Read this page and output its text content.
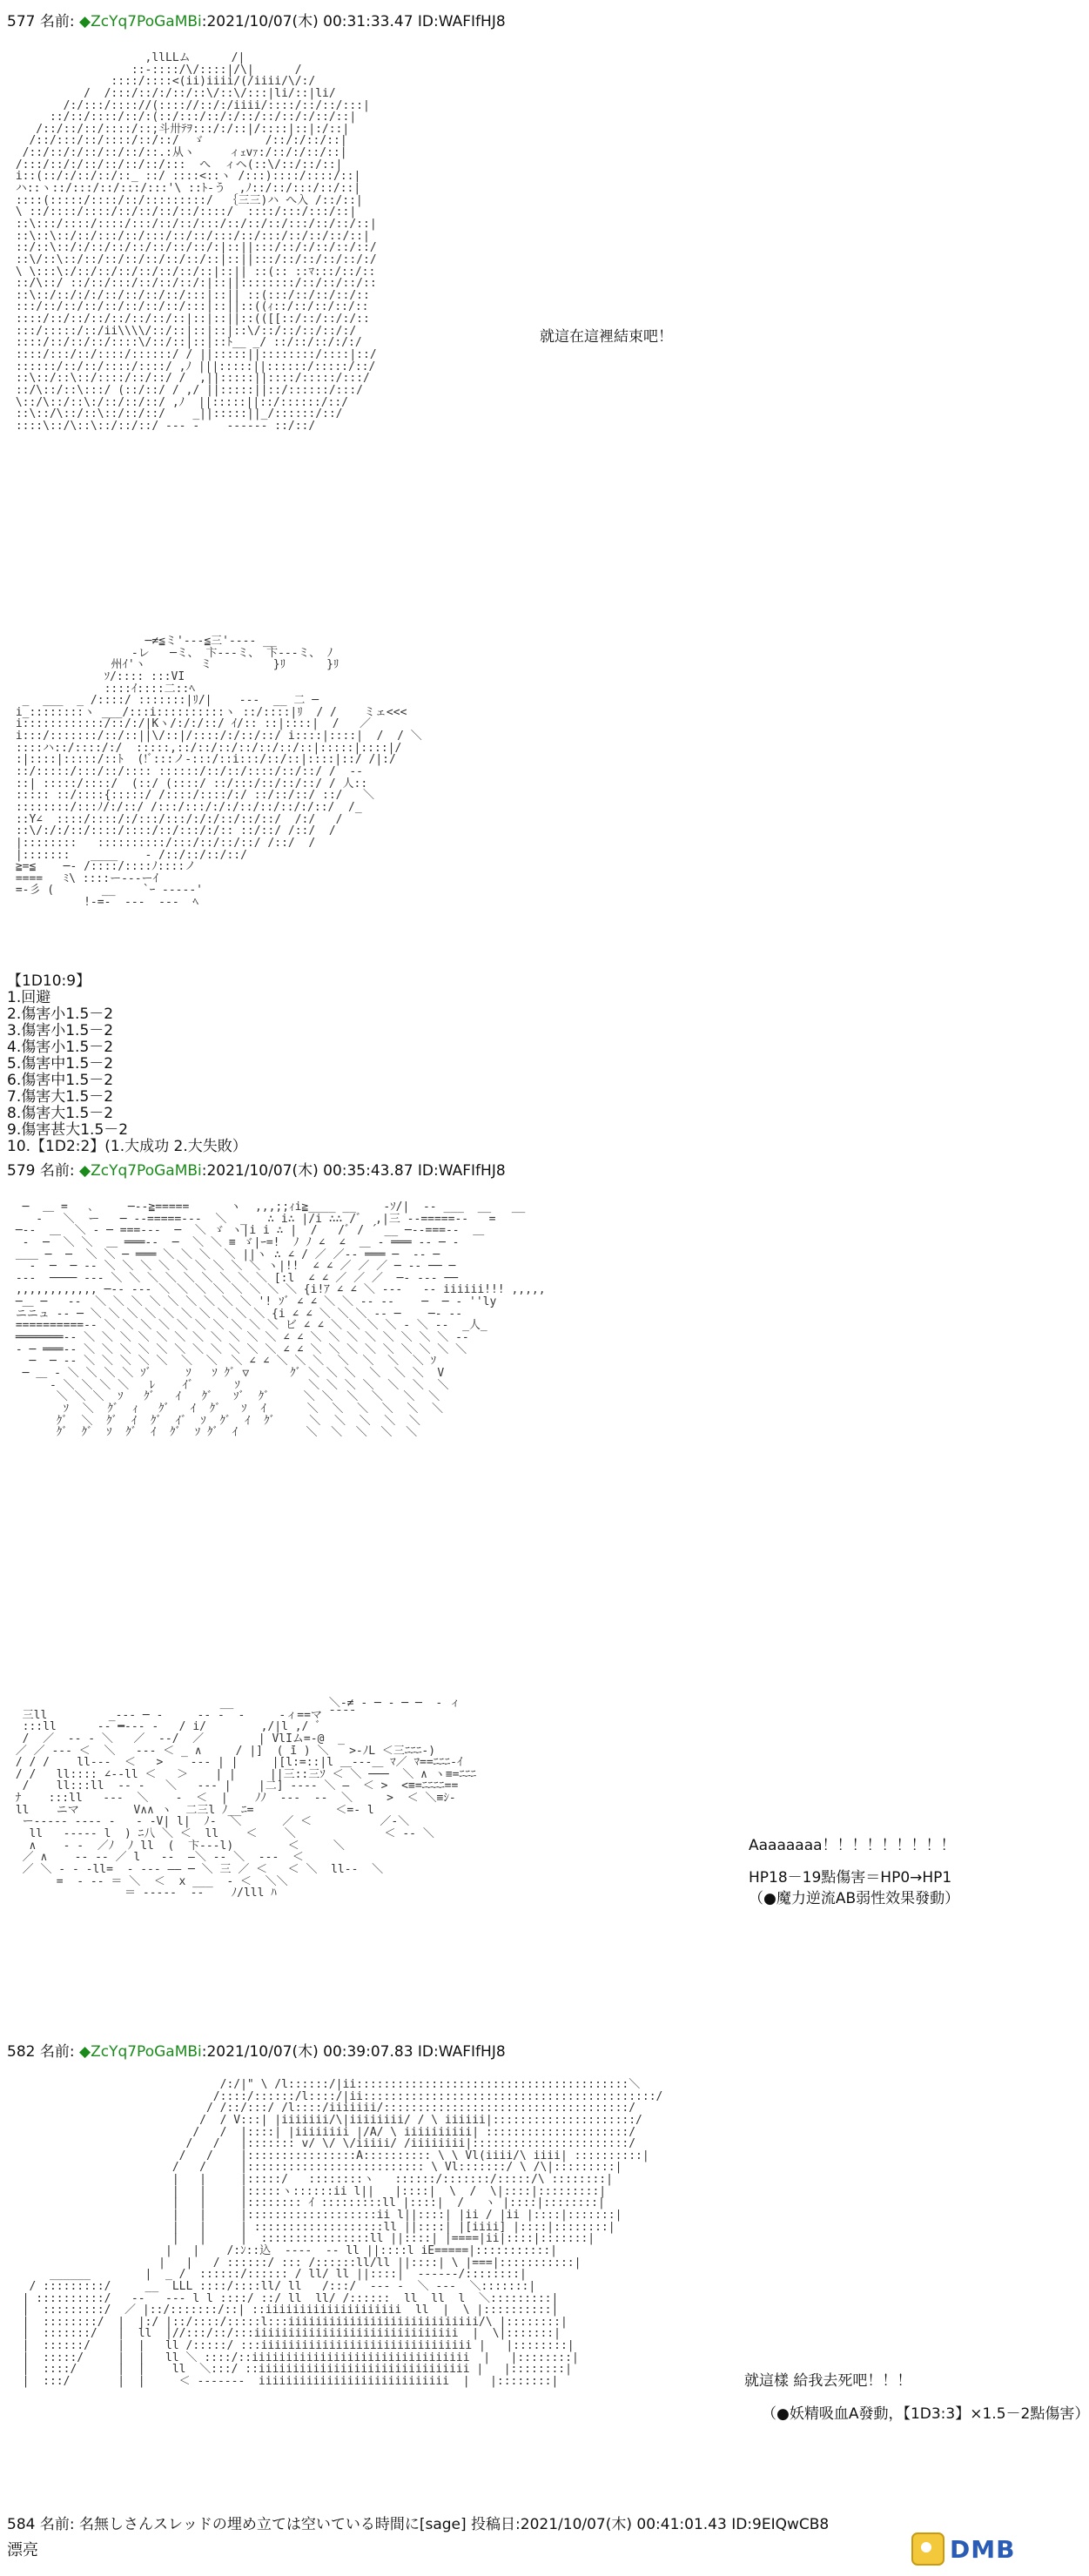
577 名前: ◆ZcYq7PoGaMBi:2021/10/07(木) 00:31:33.47 ID:WAFIfHJ8
,llLLム      /|
::-::::/\/::::|/\|      /
::::/::::<(ii)iiii/(/iiii/\/:/
/  /:::/::/:/::/::\/::\/:::|li/::|li/
/:/:::/:::://(:::://::/:/iiii/::::/::/::/:::|
::/::/::::/::/:(::/:::/::/:/::/::/::/:/::/::|
/::/::/::/::::/::;斗卅ﾃｦ:::/:/::|/::::|::|:/::|
/::/:::/::/::::/::/::/  ゞ         /::/:/::/::|
/::/::/:/::/::/::/::.:从ヽ     ィｪvｧ:/::/:/::/::|
/:::/::/:/::/::/::/::/:::  へ  ィヘ(::\/::/::/::|
i::(::/:/::/::/::_ ::/ ::::<::ヽ /:::)::::/::::/::|
ハ::ヽ::/:::/::/:::/:::'\ ::ﾄ-う  ,ﾉ::/::/:::/::/::|
::::(:::::/::::/::/:::::::::/  ｛三三)ハ へ入 /::/::|
\ ::/::::/::::/::/::/::/::/::::/  ::::/:::/:::/::|
::\:::/::::/::::/:::/::/::/:::/::/::/::/:::/::/::/::|
::\::\::/::/:::/::/:::/::/::/:::/::/:::/::/::/::/::|
::/::\::/:/::/::/::/::/::/::/:|::||:::/::/:/::/::/::/
::\/::\::/::/::/::/::/::/::/::|::||:::/::/::/::/::/:/
\ \:::\:/::/::/::/::/::/::/::|::|| ::(:: ::ﾏ:::/::/::
::/\::/ ::/::/:::/::/::/::/:|::||::::::::/::/::/::/::
::\::/::/:/:/::/::/::/::/:::|::|| ::(:::/::/::/::/::
:::/::/::/::/::/::/::/::/:::|::||::((ｨ::/::/::/::/::
::::/::/::/::/::/::/::/::|::|::||::(([[::/::/::/:/::
:::/:::::/::/ii\\\\/::/::|::|::|::\/::/::/::/::/:/
::::/::/::/::/::::\/::/::|::|::ﾄ__ _/ ::/::/::/:/:/
::::/:::/::/::::/::::::/ / ||:::::||::::::::/::::|::/
::::::/::/::/::::/::::/ ,ﾉ |||:::::||::::::/:::::/::/
::\::/::\::/::::/::/::/ /  ,||:::::||::::/:::::/:::/
::/\::/::\:::/ (::/::/ / ,/ ||:::::||::/::::::/:::/
\::/\::/::\:/::/::/::/ ,ﾉ  ||:::::||::/::::::/::/
::\::/\::/::\::/::/::/    _||:::::||_/::::::/::/
::::\::/\::\::/::/::/ --‐ ‐    ‐‐‐--- ::/::/
就這在這裡結束吧！
─≠≦ミ'‐‐‐≦三'‐‐‐‐ __
‐レ   ─ミ、 卞‐‐‐ミ、 卞‐‐‐ミ、 ﾉ
州ｲ'ヽ        ミ         }ﾘ      }ﾘ
ｿ/:::: :::VI
::::ｲ::::二::ﾍ
_  ___  _ /::::/ :::::::|ﾘ/|    ‐‐‐  __ 二 ─
i_::::::::ヽ ___/:::i::::::::::ヽ ::/::::|ﾘ  / /    ミェ<<<
i::::::::::::/::/:/|Kヽ/:/:/::/ ｲ/:: ::|::::|  /   ／
i:::/:::::::/::/::||\/::|/::::/:/::/::/ i::::|::::|  /  / ＼
::::ハ::/::::/:/  :::::,::/::/::/::/::/::/::|:::::|::::|/
:|::::|:::::/::ﾄ  (!ﾞ:::ノ‐:::/::i:::/::/::|::::|::/ /|:/
::/:::::/:::/::/:::: ::::::/::/::/::::/::/::/ /  -‐
::| :::::/::::/  (::/ (::::/ ::/:::/::/::/::/ / 人::
::::: ::/::::{:::::/ /::::/::::/:/ ::/::/::/ ::/   ＼
::::::::/:::ﾉ/:/::/ /:::/:::/:/:/::/::/::/:/::/  /_
::Y∠  ::::/::::/:/:::/:::/:/:/::/::/::/  /:/   /
::\/:/:/::/::::/::::/::/:::/:/:: ::/::/ /::/  /
|::::::::   ::::::::::/:::/::/::/::/ /::/  /
|:::::::   ____    ‐ /::/::/::/::/
≧=≦    ─‐ /::::/::::ﾉ::::ノ
====   ﾐ\ ::::ー---ーｲ
=‐彡 (       __    `ｰ ‐‐--‐'
!‐=‐  ‐‐‐  ‐‐‐  ﾍ
【1D10:9】
1.回避
2.傷害小1.5－2
3.傷害小1.5－2
4.傷害小1.5－2
5.傷害中1.5－2
6.傷害中1.5－2
7.傷害大1.5－2
8.傷害大1.5－2
9.傷害甚大1.5－2
10.【1D2:2】(1.大成功 2.大失敗）
579 名前: ◆ZcYq7PoGaMBi:2021/10/07(木) 00:35:43.87 ID:WAFIfHJ8
─  ＿ =   ､     ─‐‐≧=====      ヽ  ,,,;;ｨi≧____ __    -ｿ/|  ‐‐ ___  __   __
‐   ＼  ー   ─ ‐‐=====‐‐‐  ＼  _   ∴ i∴ |/i ∴∴ /ﾞ  ,|三 ‐‐=====‐‐   =
─‐‐  ＿  ＼ ‐ ─ ===‐‐‐  ─  ＼ ゞ ヽ|i i ∴ |  /   /ﾞ / ´ __ ─‐‐===‐‐  ＿
‐  ─  ＼ ＼  ＿ ═══‐‐  ─  ＼ ＼ ≡ ゞ|ｰ=!  ﾉ ﾉ ∠  ∠  ＿ ‐ ═══ ‐‐ ─ ‐
＿＿ ─  ─  ＼ ＼ ─ ═══ ＼ ＼ ＼  ＼ ||ヽ ∴ ∠ / ／ ／‐‐ ═══ ─  ‐‐ ─
‐  ─  ─ ‐‐ ＼ ＼ ＼ ＼ ＼ ＼ ＼ ＼ ＼ ヽ|!!  ∠ ∠ ／ ／ ／ ─ ‐‐ ── ─
‐‐‐  ──── ‐‐‐ ＼ ＼ ＼ ＼ ＼ ＼ ＼ ＼ ＼ [:l  ∠ ∠ ／ ／ ／  ─‐ ‐‐‐ ──
,,,,,,,,,,,, ─‐‐ ‐‐‐ ＼ ＼ ＼ ＼ ＼ ＼ ＼ ＼ {i!ｱ ∠ ∠ ＼ ‐‐‐   ‐‐ iiiiii!!! ,,,,,
─＿ ─   ‐‐  ＼ ＼ ＼ ＼ ＼ ＼ ＼ ＼ ＼ '! ｿﾞ ∠ ∠ ＼ ＼ ‐‐ ‐‐    ─  ─ ‐ ''ly
ニニュ ‐‐ ─ ＼ ＼ ＼ ＼ ＼ ＼ ＼ ＼ ＼ ＼ {i ∠ ∠ ＼ ＼ ＼ ‐‐ ─    ─‐ ‐‐
==========‐‐ ＼ ＼ ＼ ＼ ＼ ＼ ＼ ＼ ＼ ＼ ビ ∠ ∠ ＼ ＼ ＼ ＼ ‐ ＼ ‐‐  _人_
═══════‐‐ ＼ ＼ ＼ ＼ ＼ ＼ ＼ ＼ ＼ ＼ ＼ ∠ ∠ ＼ ＼ ＼ ＼ ＼ ＼ ＼ ＼ ‐‐
‐ ─ ═══‐‐ ＼ ＼ ＼ ＼ ＼ ＼ ＼ ＼ ＼ ＼ ＼ ∠ ∠ ＼ ＼ ＼ ＼ ＼ ＼ ＼ ＼ ＼
─  ─ ‐‐ ＼ ＼ ＼ ＼ ＼  ＼  ＼  ＼ ∠ ∠ ＼ ＼ ＼  ＼  ＼  ＼  ＼ ｿ
─ ＿ ‐ ＼ ＼ ＼ ＼ ｿﾞ     ｿ   ｿ ｸﾞ ▽      ｸﾞ ＼ ＼ ＼  ＼  ＼ ＼  V
‐ ＼ ＼ ＼ ＼   ﾚ    ｲﾞ      ｿ          ＼ ＼ ＼ ＼  ＼  ＼  ＼
＼ ＼ ＼  ｿ   ｸﾞ   ｲ   ｸﾞ   ｿﾞ  ｸﾞ     ＼ ＼  ＼  ＼   ＼  ＼
ｿ  ＼  ｸﾞ  ｨ   ｸﾞ   ｲ  ｸﾞ   ｿ  ｲ      ＼  ＼  ＼  ＼  ＼  ＼
ｸﾞ  ＼  ｸﾞ  ｲ  ｸﾞ  ｲﾞ  ｿ  ｸﾞ  ｲ  ｸﾞ     ＼  ＼  ＼  ＼  ＼
ｸﾞ  ｸﾞ  ｿ  ｸﾞ  ｲ  ｸﾞ  ｿ ｸﾞ  ｲ          ＼  ＼  ＼  ＼  ＼
__              ＼‐≠ ‐ ─ ‐ ─ ─  ‐ ィ
三ll         _‐‐‐ ─ ‐     ‐‐ ‐  ‐     ‐ィ==マ ̄ ̄ ̄ ̄
:::ll      ‐‐ ━‐‐‐ ‐   / i/        ,/|l ,/ ﾞ
/  ／  ‐‐ ‐ ＼   ／  ‐‐/  ／        | VlIム=‐@  _
／ ／ ‐‐‐ ＜  ＼   ‐‐‐ ＜ _ ∧     / |]  ( ̄i ) ＼   >‐ﾉL ＜三ﾆﾆﾆ-)
/ / /    ll-‐‐  ＜   >    ‐‐‐ | |     |[l:=::|l ＿‐‐‐＿ ﾏ／ ﾏ==ﾆﾆﾆ-ｲ
/ /   ll:::: ∠‐‐ll ＜   ＞    | |     ||三::三ｿ ＜ ＼ ───  ＼ ∧ ヽ≡=ﾆﾆﾆ
/    ll:::ll  ‐‐ ‐   ＼   ‐‐‐ |    |二] ‐‐‐‐ ＼ ―  ＜ >  <≡=ﾆﾆﾆﾆ==
ﾅ    :::ll   ‐‐‐  ＼    ‐  ＜  |    ﾉﾉ  ‐‐‐  ‐‐  ＼     >  ＜ ＼≡ｼ‐
ll    ニマ        V∧∧ ヽ  二三l ﾉ__ﾆ=            ＜=‐ l
ー‐‐‐‐‐ ‐‐‐‐ ‐   ‐ ‐V| l|  ﾉ‐  ＼      ／ ＜          ／‐＼
ll   ‐‐‐‐‐ l  ) ﾆ八 ＼ ＜  ll    ＜    ＼             ＜ ‐‐ ＼
∧    ‐ ‐  ／ﾉ  ﾉ ll  (  卞‐‐‐l)        ＜     ＼
／ ∧    ‐‐ ‐‐ ／ l   ‐‐  ―＼ ‐‐ ＼  ‐‐‐  ＜
／ ＼ ‐ ‐ -ll=  ‐ ‐‐‐ ―― ─ ＼ 三 ／ ＜   ＜ ＼  ll‐‐  ＼
=  ‐ ‐‐ ＝ ＼  ＜  x ___  ‐ ＜  ＼＼
＝ ‐‐‐‐‐  ‐‐    ﾉ/lll ﾊ
Aaaaaaaa！！！！！！！！！
HP18－19點傷害＝HP0→HP1
（●魔力逆流AB弱性效果發動）
582 名前: ◆ZcYq7PoGaMBi:2021/10/07(木) 00:39:07.83 ID:WAFIfHJ8
/:/|" \ /l::::::/|ii::::::::::::::::::::::::::::::::::::::::＼
/::::/::::::/l::::/|ii:::::::::::::::::::::::::::::::::::::::::::/
/ /::/:::/ /l::::/iiiiiii/::::::::::::::::::::::::::::::::::::/
/  / V:::| |iiiiiii/\|iiiiiiii/ / \ iiiiii|:::::::::::::::::::::/
/   /  |::::| |iiiiiiii |/A/ \ iiiiiiiiii| :::::::::::::::::::::/
/   /   |::::::: v/ \/ \/iiiii/ /iiiiiiii|:::::::::::::::::::::::/
/   /    |::::::::::::::::A:::::::::: \ \ Vl(iiii/\ iiii| ::::::::::|
/   /     |:::::::::::::::::::::::::: \ Vl:::::::/ \ /\|:::::::::|
|   |     |:::::/   ::::::::ヽ   ::::::/:::::::/:::::/\ ::::::::|
|   |     |:::::ヽ::::::ii l||   |::::|  \  /  \|::::|:::::::::|
|   |     |:::::::: ｲ :::::::::ll |::::|  /   ヽ |::::|::::::::|
|   |     |:::::::::::::::::::ii l||::::| |ii / |ii |::::|:::::::|
|   |     | :::::::::::::::::::ll ||::::| |[iiii] |::::|::::::::|
|   |     |  ::::::::::::::::ll ||::::| |====|ii|::::|:::::::|
|   |    /:ﾝ::込  ‐‐‐‐  ‐‐ ll ||::::l iE=====|:::::::::::|
|   |   / ::::::/ ::: /::::::ll/ll ||::::| \ |===|:::::::::::|
______        |  _ /  ::::::/:::::: / ll/ ll ||::::|  ‐‐‐‐‐‐/::::::::|
/ :::::::::/     __  LLL ::::/::::ll/ ll   /:::/  ‐‐‐ ‐  ＼ ‐‐‐  ＼:::::::|
| ::::::::::/   ‐‐   ‐‐‐ l l ::::/ ::/ ll  ll/ /::::::  ll  ll  l  ＼:::::::::|
|  :::::::::/  ／ |::/:::::::/::| ::iiiiiiiiiiiiiiiiiiii  ll  |  \ |::::::::::|
|  ::::::::/  |  |:/ |::/::::/:::::l:::iiiiiiiiiiiiiiiiiiiiiiiiiiii/\ |::::::::|
|  :::::::/   |  ll  |//:::/::/:::iiiiiiiiiiiiiiiiiiiiiiiiiiiiii  |  \|:::::::|
|  ::::::/    |  |   ll /:::::/ :::iiiiiiiiiiiiiiiiiiiiiiiiiiiiiii |   |::::::::|
|  :::::/     |  |   ll ＼ ::::/::iiiiiiiiiiiiiiiiiiiiiiiiiiiiiiii  |   |::::::::|
|  ::::/      |  |    ll  ＼:::/ ::iiiiiiiiiiiiiiiiiiiiiiiiiiiiiii |   |::::::::|
|  :::/       |  |     ＜ ‐‐‐‐‐‐‐  iiiiiiiiiiiiiiiiiiiiiiiiiiii  |   |::::::::|	就這樣 給我去死吧！！！
（●妖精吸血A發動，【1D3:3】×1.5－2點傷害）
584 名前: 名無しさんスレッドの埋め立ては空いている時間に[sage] 投稿日:2021/10/07(木) 00:41:01.43 ID:9EIQwCB8
漂亮	DMB
